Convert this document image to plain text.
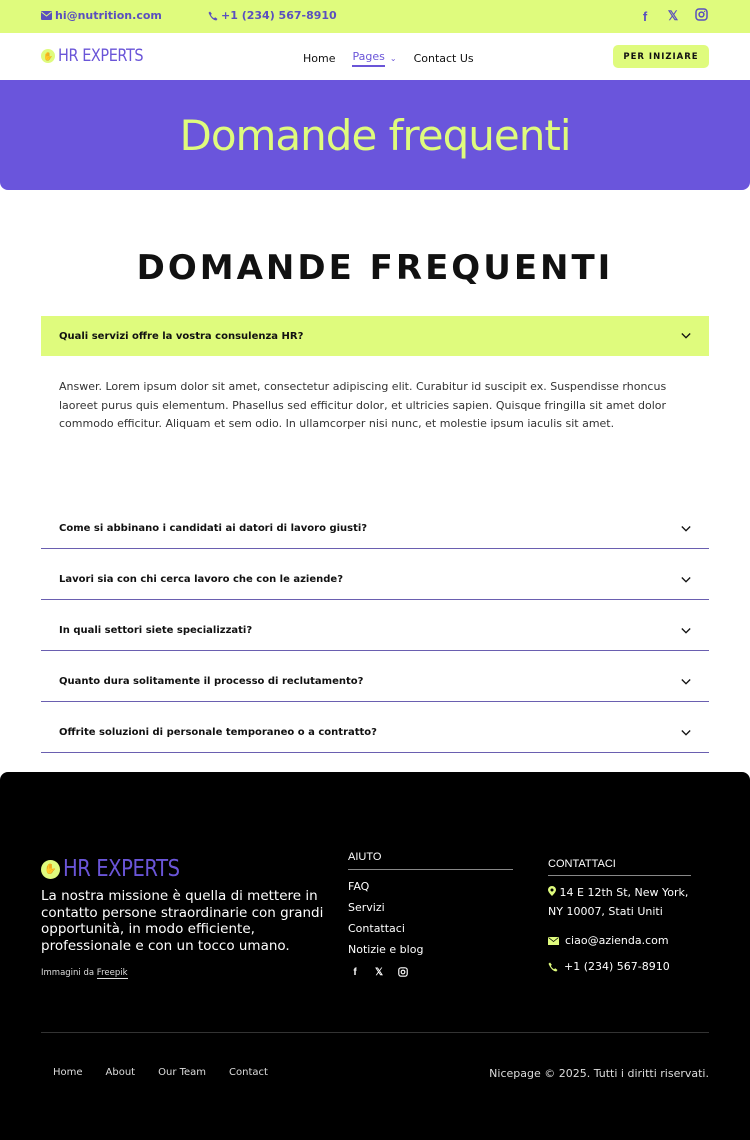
hi@nutrition.com	+1 (234) 567-8910	f	𝕏
✋ HR EXPERTS	Home Pages ⌄ Contact Us	PER INIZIARE
Domande frequenti
DOMANDE FREQUENTI
Quali servizi offre la vostra consulenza HR?
Answer. Lorem ipsum dolor sit amet, consectetur adipiscing elit. Curabitur id suscipit ex. Suspendisse rhoncus laoreet purus quis elementum. Phasellus sed efficitur dolor, et ultricies sapien. Quisque fringilla sit amet dolor commodo efficitur. Aliquam et sem odio. In ullamcorper nisi nunc, et molestie ipsum iaculis sit amet.
Come si abbinano i candidati ai datori di lavoro giusti?
Lavori sia con chi cerca lavoro che con le aziende?
In quali settori siete specializzati?
Quanto dura solitamente il processo di reclutamento?
Offrite soluzioni di personale temporaneo o a contratto?
✋ HR EXPERTS

La nostra missione è quella di mettere in contatto persone straordinarie con grandi opportunità, in modo efficiente, professionale e con un tocco umano.

Immagini da Freepik
AIUTO
FAQ
Servizi
Contattaci
Notizie e blog
f	𝕏
CONTATTACI
14 E 12th St, New York, NY 10007, Stati Uniti
ciao@azienda.com
+1 (234) 567-8910
Home About Our Team Contact	Nicepage © 2025. Tutti i diritti riservati.
